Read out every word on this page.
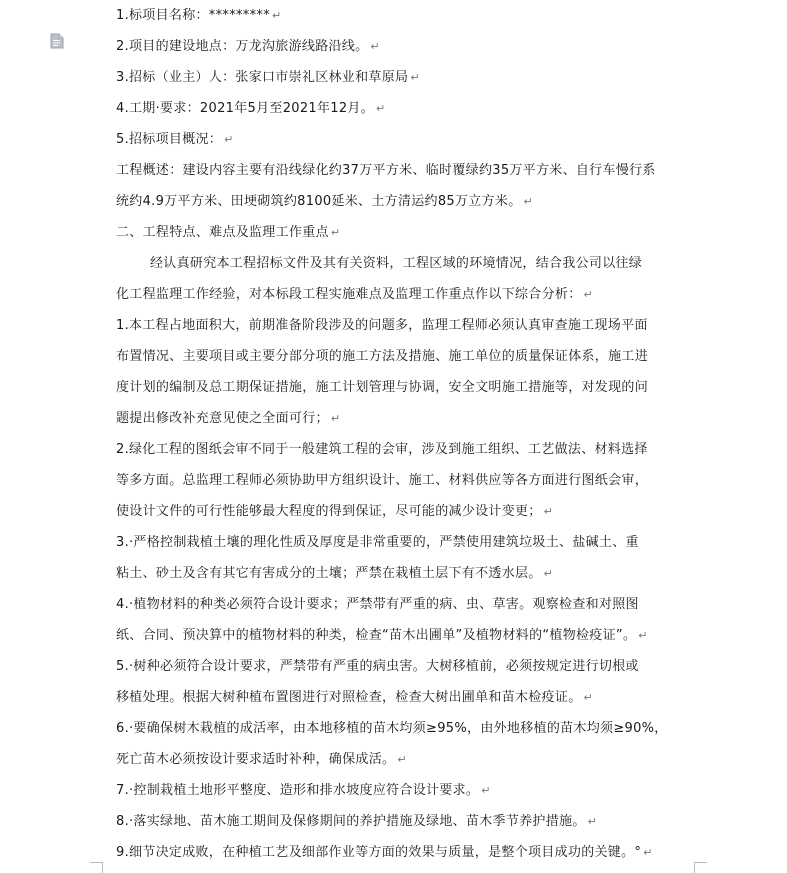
1.标项目名称：********* ↵
2.项目的建设地点：万龙沟旅游线路沿线。 ↵
3.招标（业主）人：张家口市崇礼区林业和草原局 ↵
4.工期·要求：2021年5月至2021年12月。 ↵
5.招标项目概况： ↵
工程概述：建设内容主要有沿线绿化约37万平方米、临时覆绿约35万平方米、自行车慢行系
统约4.9万平方米、田埂砌筑约8100延米、土方清运约85万立方米。 ↵
二、工程特点、难点及监理工作重点 ↵
经认真研究本工程招标文件及其有关资料，工程区域的环境情况，结合我公司以往绿
化工程监理工作经验，对本标段工程实施难点及监理工作重点作以下综合分析： ↵
1.本工程占地面积大，前期准备阶段涉及的问题多，监理工程师必须认真审查施工现场平面
布置情况、主要项目或主要分部分项的施工方法及措施、施工单位的质量保证体系，施工进
度计划的编制及总工期保证措施，施工计划管理与协调，安全文明施工措施等，对发现的问
题提出修改补充意见使之全面可行； ↵
2.绿化工程的图纸会审不同于一般建筑工程的会审，涉及到施工组织、工艺做法、材料选择
等多方面。总监理工程师必须协助甲方组织设计、施工、材料供应等各方面进行图纸会审，
使设计文件的可行性能够最大程度的得到保证，尽可能的减少设计变更； ↵
3.·严格控制栽植土壤的理化性质及厚度是非常重要的，严禁使用建筑垃圾土、盐碱土、重
粘土、砂土及含有其它有害成分的土壤；严禁在栽植土层下有不透水层。 ↵
4.·植物材料的种类必须符合设计要求；严禁带有严重的病、虫、草害。观察检查和对照图
纸、合同、预决算中的植物材料的种类，检查“苗木出圃单”及植物材料的“植物检疫证”。 ↵
5.·树种必须符合设计要求，严禁带有严重的病虫害。大树移植前，必须按规定进行切根或
移植处理。根据大树种植布置图进行对照检查，检查大树出圃单和苗木检疫证。 ↵
6.·要确保树木栽植的成活率，由本地移植的苗木均须≥95%，由外地移植的苗木均须≥90%，
死亡苗木必须按设计要求适时补种，确保成活。 ↵
7.·控制栽植土地形平整度、造形和排水坡度应符合设计要求。 ↵
8.·落实绿地、苗木施工期间及保修期间的养护措施及绿地、苗木季节养护措施。 ↵
9.细节决定成败，在种植工艺及细部作业等方面的效果与质量，是整个项目成功的关键。° ↵
